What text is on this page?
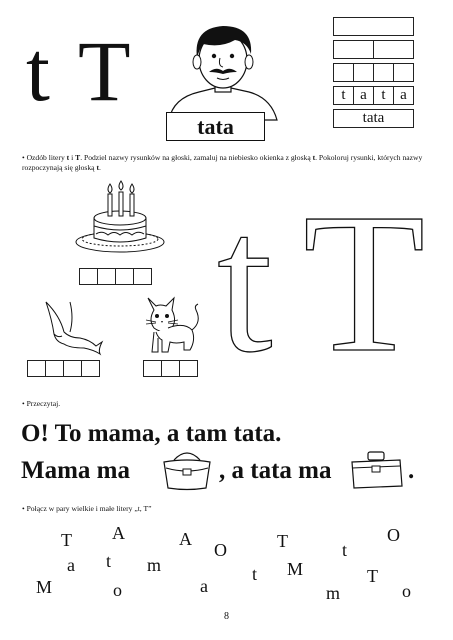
t T
tata
t a t a
tata
• Ozdób litery t i T. Podziel nazwy rysunków na głoski, zamaluj na niebiesko okienka z głoską t. Pokoloruj rysunki, których nazwy rozpoczynają się głoską t.
t T
• Przeczytaj.
O! To mama, a tam tata.
Mama ma	, a tata ma	.
• Połącz w pary wielkie i małe litery „t, T”
T A	A
O	T	t
O
a t m	t M	T
M	o	a	m	o
8
